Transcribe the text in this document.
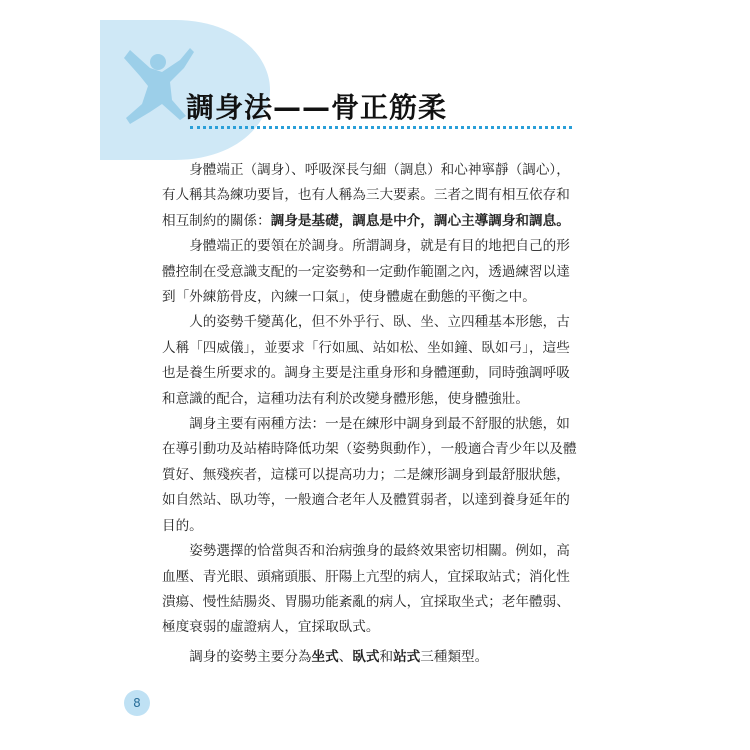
調身法——骨正筋柔

身體端正（調身）、呼吸深長勻細（調息）和心神寧靜（調心），有人稱其為練功要旨，也有人稱為三大要素。三者之間有相互依存和相互制約的關係：調身是基礎，調息是中介，調心主導調身和調息。

身體端正的要領在於調身。所謂調身，就是有目的地把自己的形體控制在受意識支配的一定姿勢和一定動作範圍之內，透過練習以達到「外練筋骨皮，內練一口氣」，使身體處在動態的平衡之中。

人的姿勢千變萬化，但不外乎行、臥、坐、立四種基本形態，古人稱「四威儀」，並要求「行如風、站如松、坐如鐘、臥如弓」，這些也是養生所要求的。調身主要是注重身形和身體運動，同時強調呼吸和意識的配合，這種功法有利於改變身體形態，使身體強壯。

調身主要有兩種方法：一是在練形中調身到最不舒服的狀態，如在導引動功及站樁時降低功架（姿勢與動作），一般適合青少年以及體質好、無殘疾者，這樣可以提高功力；二是練形調身到最舒服狀態，如自然站、臥功等，一般適合老年人及體質弱者，以達到養身延年的目的。

姿勢選擇的恰當與否和治病強身的最終效果密切相關。例如，高血壓、青光眼、頭痛頭脹、肝陽上亢型的病人，宜採取站式；消化性潰瘍、慢性結腸炎、胃腸功能紊亂的病人，宜採取坐式；老年體弱、極度衰弱的虛證病人，宜採取臥式。

調身的姿勢主要分為坐式、臥式和站式三種類型。

8
